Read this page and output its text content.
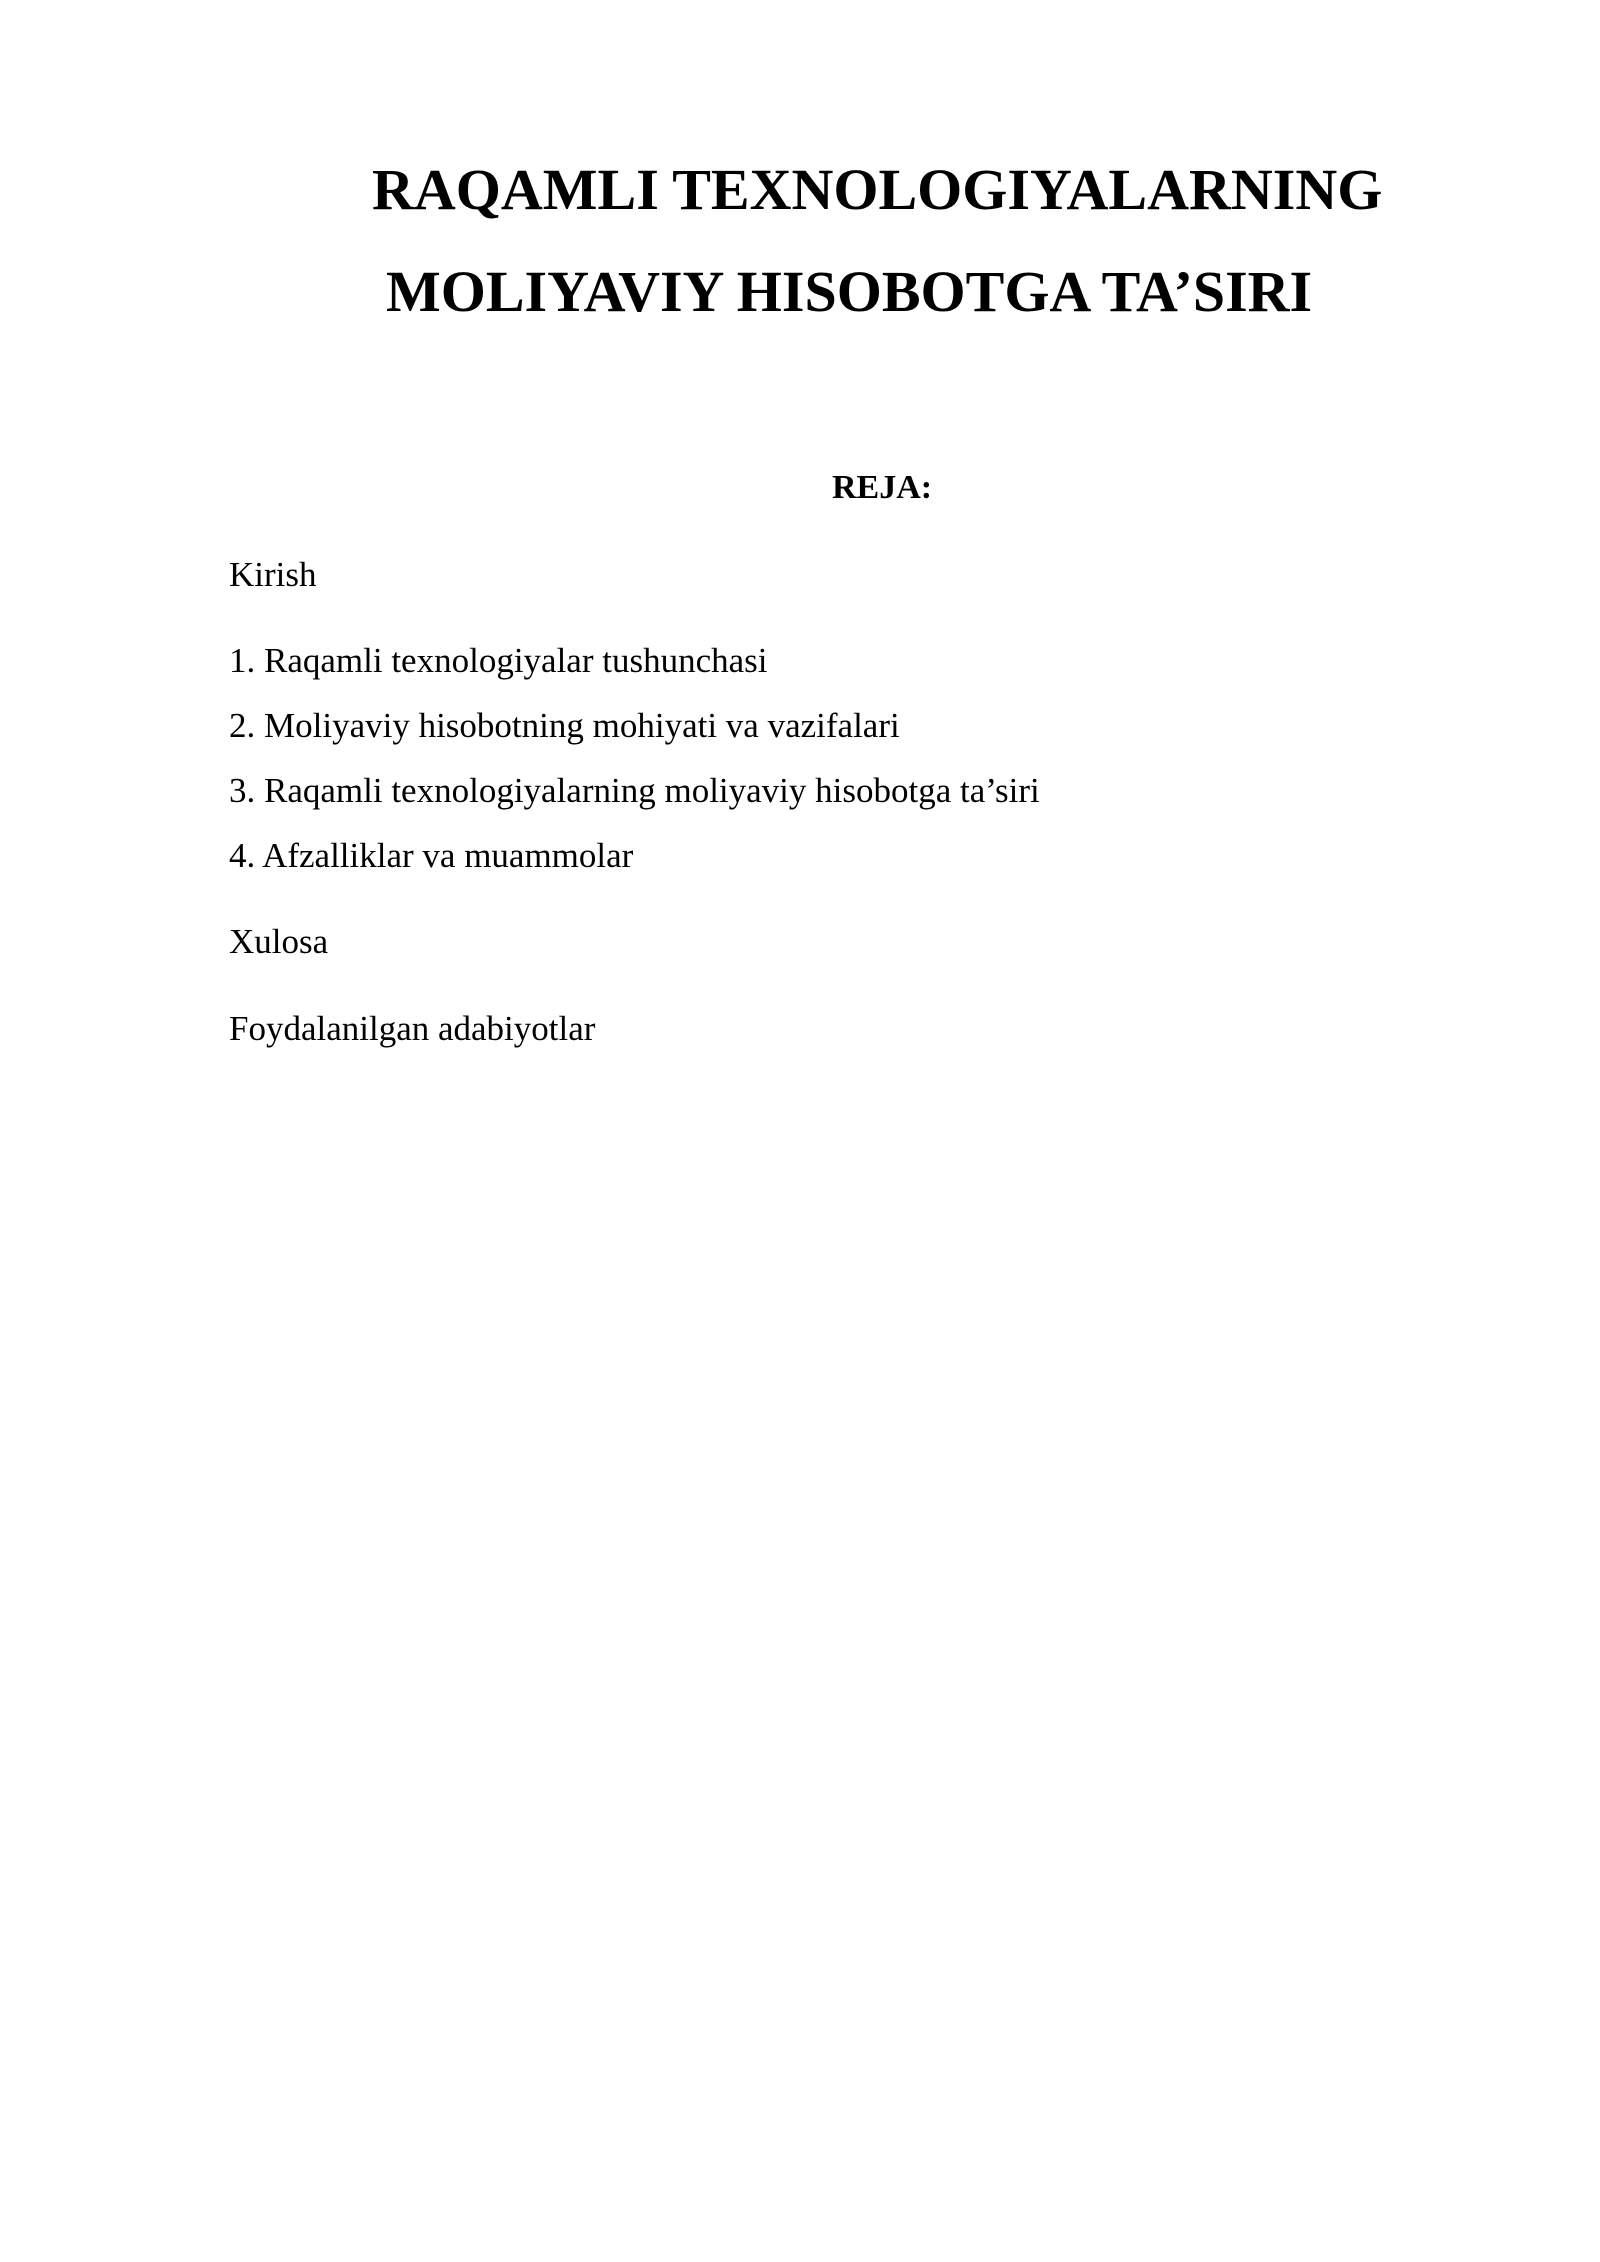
RAQAMLI TEXNOLOGIYALARNING
MOLIYAVIY HISOBOTGA TA’SIRI
REJA:
Kirish
1. Raqamli texnologiyalar tushunchasi
2. Moliyaviy hisobotning mohiyati va vazifalari
3. Raqamli texnologiyalarning moliyaviy hisobotga ta’siri
4. Afzalliklar va muammolar
Xulosa
Foydalanilgan adabiyotlar
